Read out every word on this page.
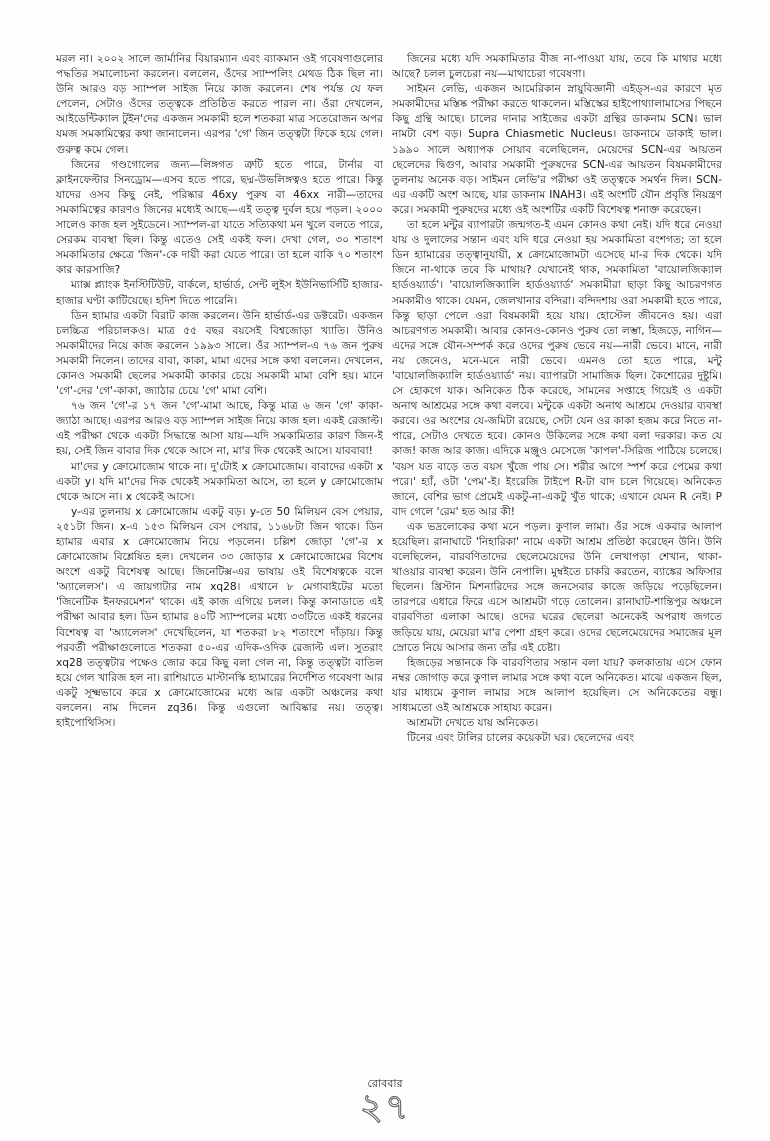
মরল না। ২০০২ সালে জার্মানির বিয়ারম্যান এবং ব্যাকমান ওই গবেষণাগুলোর পদ্ধতির সমালোচনা করলেন। বললেন, ওঁদের স্যাম্পলিং মেথড ঠিক ছিল না। উনি আরও বড় স্যাম্পল সাইজ নিয়ে কাজ করলেন। শেষ পর্যন্ত যে ফল পেলেন, সেটাও ওঁদের তত্ত্বকে প্রতিষ্ঠিত করতে পারল না। ওঁরা দেখলেন, আইডেন্টিক্যাল টুইন'দের একজন সমকামী হলে শতকরা মাত্র সতেরোজন অপর যমজ সমকামিত্বের কথা জানালেন। এরপর 'গে' জিন তত্ত্বটা ফিকে হয়ে গেল। গুরুত্ব কমে গেল।

জিনের গণ্ডগোলের জন্য—লিঙ্গগত ত্রুটি হতে পারে, টার্নার বা ক্লাইনফেল্টার সিনড্রোম—এসব হতে পারে, ছদ্ম-উভলিঙ্গত্বও হতে পারে। কিন্তু যাদের ওসব কিছু নেই, পরিষ্কার 46xy পুরুষ বা 46xx নারী—তাদের সমকামিত্বের কারণও জিনের মধ্যেই আছে—এই তত্ত্ব দুর্বল হয়ে পড়ল। ২০০০ সালেও কাজ হল সুইডেনে। স্যাম্পল-রা যাতে সত্যিকথা মন খুলে বলতে পারে, সেরকম ব্যবস্থা ছিল। কিন্তু এতেও সেই একই ফল। দেখা গেল, ৩০ শতাংশ সমকামিতার ক্ষেত্রে 'জিন'-কে দায়ী করা যেতে পারে। তা হলে বাকি ৭০ শতাংশ কার কারসাজি?

ম্যাক্স প্ল্যাংক ইনস্টিটিউট, বার্কলে, হার্ভার্ড, সেন্ট লুইস ইউনিভার্সিটি হাজার-হাজার ঘণ্টা কাটিয়েছে। হদিশ দিতে পারেনি।

ডিন হ্যামার একটা বিরাট কাজ করলেন। উনি হার্ভার্ড-এর ডক্টরেট। একজন চলচ্চিত্র পরিচালকও। মাত্র ৫৫ বছর বয়সেই বিশ্বজোড়া খ্যাতি। উনিও সমকামীদের নিয়ে কাজ করলেন ১৯৯৩ সালে। ওঁর স্যাম্পল-এ ৭৬ জন পুরুষ সমকামী নিলেন। তাদের বাবা, কাকা, মামা এদের সঙ্গে কথা বললেন। দেখলেন, কোনও সমকামী ছেলের সমকামী কাকার চেয়ে সমকামী মামা বেশি হয়। মানে 'গে'-দের 'গে'-কাকা, জ্যাঠার চেয়ে 'গে' মামা বেশি।

৭৬ জন 'গে'-র ১৭ জন 'গে'-মামা আছে, কিন্তু মাত্র ৬ জন 'গে' কাকা-জ্যাঠা আছে। এরপর আরও বড় স্যাম্পল সাইজ নিয়ে কাজ হল। একই রেজাল্ট। এই পরীক্ষা থেকে একটা সিদ্ধান্তে আসা যায়—যদি সমকামিতার কারণ জিন-ই হয়, সেই জিন বাবার দিক থেকে আসে না, মা'র দিক থেকেই আসে। যাববাবা!

মা'দের y ক্রোমোজোম থাকে না। দু'টোই x ক্রোমোজোম। বাবাদের একটা x একটা y। যদি মা'দের দিক থেকেই সমকামিতা আসে, তা হলে y ক্রোমোজোম থেকে আসে না। x থেকেই আসে।

y-এর তুলনায় x ক্রোমোজোম একটু বড়। y-তে 50 মিলিয়ন বেস পেয়ার, ২৫১টা জিন। x-এ ১৫৩ মিলিয়ন বেস পেয়ার, ১১৬৮টা জিন থাকে। ডিন হ্যামার এবার x ক্রোমোজোম নিয়ে পড়লেন। চল্লিশ জোড়া 'গে'-র x ক্রোমোজোম বিশ্লেষিত হল। দেখলেন ৩৩ জোড়ার x ক্রোমোজোমের বিশেষ অংশে একটু বিশেষত্ব আছে। জিনেটিক্স-এর ভাষায় ওই বিশেষত্বকে বলে 'অ্যালেলস'। এ জায়গাটার নাম xq28। এখানে ৮ মেগাবাইটের মতো 'জিনেটিক ইনফরমেশন' থাকে। এই কাজ এগিয়ে চলল। কিন্তু কানাডাতে এই পরীক্ষা আবার হল। ডিন হ্যামার ৪০টি স্যাম্পলের মধ্যে ৩৩টিতে একই ধরনের বিশেষত্ব বা 'অ্যালেলস' দেখেছিলেন, যা শতকরা ৮২ শতাংশে দাঁড়ায়। কিন্তু পরবর্তী পরীক্ষাগুলোতে শতকরা ৫০-এর এদিক-ওদিক রেজাল্ট এল। সুতরাং xq28 তত্ত্বটার পক্ষেও জোর করে কিছু বলা গেল না, কিন্তু তত্ত্বটা বাতিল হয়ে গেল খারিজ হল না। রাশিয়াতে মাস্টানস্কি হ্যামারের নির্দেশিত গবেষণা আর একটু সূক্ষ্মভাবে করে x ক্রোমোজোমের মধ্যে আর একটা অঞ্চলের কথা বললেন। নাম দিলেন zq36। কিন্তু এগুলো আবিষ্কার নয়। তত্ত্ব। হাইপোথিসিস।

জিনের মধ্যে যদি সমকামিতার বীজ না-পাওয়া যায়, তবে কি মাথার মধ্যে আছে? চলল চুলচেরা নয়—মাথাচেরা গবেষণা।

সাইমন লেভি, একজন আমেরিকান স্নায়ুবিজ্ঞানী এইড্‌স-এর কারণে মৃত সমকামীদের মস্তিষ্ক পরীক্ষা করতে থাকলেন। মস্তিস্কের হাইপোথ্যালামাসের পিছনে কিছু গ্রন্থি আছে। চালের দানার সাইজের একটা গ্রন্থির ডাকনাম SCN। ভাল নামটা বেশ বড়। Supra Chiasmetic Nucleus। ডাকনামে ডাকাই ভাল। ১৯৯০ সালে অধ্যাপক সোয়াব বলেছিলেন, মেয়েদের SCN-এর আয়তন ছেলেদের দ্বিগুণ, আবার সমকামী পুরুষদের SCN-এর আয়তন বিষমকামীদের তুলনায় অনেক বড়। সাইমন লেভি'র পরীক্ষা ওই তত্ত্বকে সমর্থন দিল। SCN-এর একটি অংশ আছে, যার ডাকনাম INAH3। এই অংশটি যৌন প্রবৃত্তি নিয়ন্ত্রণ করে। সমকামী পুরুষদের মধ্যে ওই অংশটির একটি বিশেষত্ব শনাক্ত করেছেন।

তা হলে মন্টুর ব্যাপারটা জন্মগত-ই এমন কোনও কথা নেই। যদি ধরে নেওয়া যায় ও দুলালের সন্তান এবং যদি ধরে নেওয়া হয় সমকামিতা বংশগত; তা হলে ডিন হ্যামারের তত্ত্বানুযায়ী, x ক্রোমোজোমটা এসেছে মা-র দিক থেকে। যদি জিনে না-থাকে তবে কি মাথায়? যেখানেই থাক, সমকামিতা 'বায়োলজিক্যাল হার্ডওয়্যার্ড'। 'বায়োলজিক্যালি হার্ডওয়্যার্ড' সমকামীরা ছাড়া কিছু আচরণগত সমকামীও থাকে। যেমন, জেলখানার বন্দিরা। বন্দিদশায় ওরা সমকামী হতে পারে, কিন্তু ছাড়া পেলে ওরা বিষমকামী হয়ে যায়। হোস্টেল জীবনেও হয়। এরা আচরণগত সমকামী। আবার কোনও-কোনও পুরুষ তো লম্ভা, হিজড়ে, নাগিন—এদের সঙ্গে যৌন-সম্পর্ক করে ওদের পুরুষ ভেবে নয়—নারী ভেবে। মানে, নারী নয় জেনেও, মনে-মনে নারী ভেবে। এমনও তো হতে পারে, মন্টু 'বায়োলজিক্যালি হার্ডওয়্যার্ড' নয়। ব্যাপারটা সামাজিক ছিল। কৈশোরের দুষ্টুমি। সে হোকগে যাক। অনিকেত ঠিক করেছে, সামনের সপ্তাহে গিয়েই ও একটা অনাথ আশ্রমের সঙ্গে কথা বলবে। মন্টুকে একটা অনাথ আশ্রমে দেওয়ার ব্যবস্থা করবে। ওর অংশের যে-জমিটা রয়েছে, সেটা যেন ওর কাকা হজম করে নিতে না-পারে, সেটাও দেখতে হবে। কোনও উকিলের সঙ্গে কথা বলা দরকার। কত যে কাজ! কাজ আর কাজ। এদিকে মঞ্জুও মেসেজে 'কাপল'-সিরিজ পাঠিয়ে চলেছে। 'বয়স যত বাড়ে তত বয়স খুঁজে পায় সে। শরীর আগে স্পর্শ করে পেমের কথা পরে।' হ্যাঁ, ওটা 'পেম'-ই। ইংরেজি টাইপে R-টা বাদ চলে গিয়েছে। অনিকেত জানে, বেশির ভাগ প্রেমেই একটু-না-একটু খুঁত থাকে; এখানে যেমন R নেই। P বাদ গেলে 'রেম' হত আর কী!

এক ভদ্রলোকের কথা মনে পড়ল। কুণাল লামা। ওঁর সঙ্গে একবার আলাপ হয়েছিল। রানাঘাটে 'নিহারিকা' নামে একটা আশ্রম প্রতিষ্ঠা করেছেন উনি। উনি বলেছিলেন, বারবণিতাদের ছেলেমেয়েদের উনি লেখাপড়া শেখান, থাকা-খাওয়ার ব্যবস্থা করেন। উনি নেপালি। মুম্বইতে চাকরি করতেন, ব্যাঙ্কের অফিসার ছিলেন। খ্রিস্টান মিশনারিদের সঙ্গে জনসেবার কাজে জড়িয়ে পড়েছিলেন। তারপরে এধারে ফিরে এসে আশ্রমটা গড়ে তোলেন। রানাঘাট-শান্তিপুর অঞ্চলে বারবণিতা এলাকা আছে। ওদের ঘরের ছেলেরা অনেকেই অপরাধ জগতে জড়িয়ে যায়, মেয়েরা মা'র পেশা গ্রহণ করে। ওদের ছেলেমেয়েদের সমাজের মূল স্রোতে নিয়ে আসার জন্য তাঁর এই চেষ্টা।

হিজড়ের সন্তানকে কি বারবণিতার সন্তান বলা যায়? কলকাতায় এসে ফোন নম্বর জোগাড় করে কুণাল লামার সঙ্গে কথা বলে অনিকেত। মাঝে একজন ছিল, যার মাধ্যমে কুণাল লামার সঙ্গে আলাপ হয়েছিল। সে অনিকেতের বন্ধু। সাধ্যমতো ওই আশ্রমকে সাহায্য করেন।

আশ্রমটা দেখতে যায় অনিকেত।

টিনের এবং টালির চালের কয়েকটা ঘর। ছেলেদের এবং

রোববার
২৭
